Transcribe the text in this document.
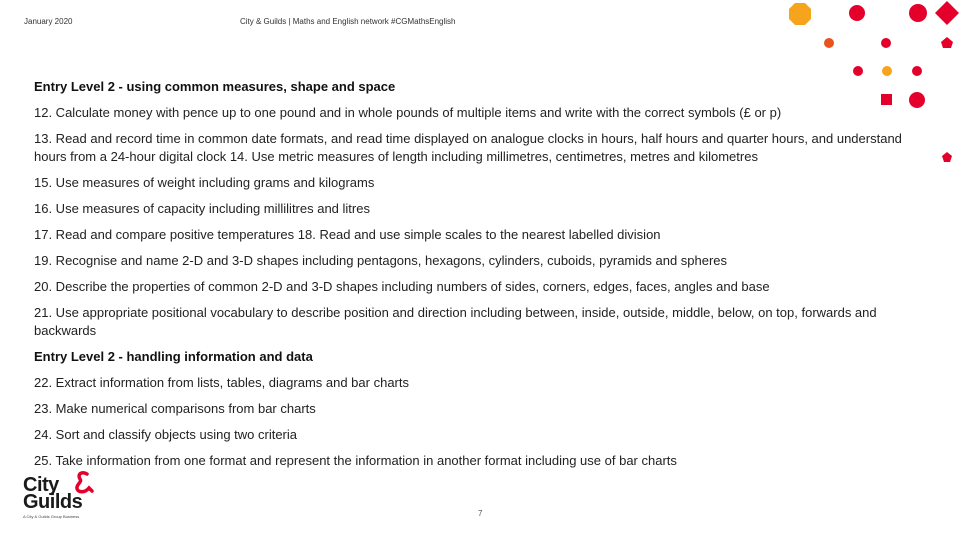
January 2020	City & Guilds | Maths and English network #CGMathsEnglish

Entry Level 2 - using common measures, shape and space

12. Calculate money with pence up to one pound and in whole pounds of multiple items and write with the correct symbols (£ or p)

13. Read and record time in common date formats, and read time displayed on analogue clocks in hours, half hours and quarter hours, and understand hours from a 24-hour digital clock 14. Use metric measures of length including millimetres, centimetres, metres and kilometres

15. Use measures of weight including grams and kilograms

16. Use measures of capacity including millilitres and litres

17. Read and compare positive temperatures 18. Read and use simple scales to the nearest labelled division

19. Recognise and name 2-D and 3-D shapes including pentagons, hexagons, cylinders, cuboids, pyramids and spheres

20. Describe the properties of common 2-D and 3-D shapes including numbers of sides, corners, edges, faces, angles and base

21. Use appropriate positional vocabulary to describe position and direction including between, inside, outside, middle, below, on top, forwards and backwards

Entry Level 2 - handling information and data

22. Extract information from lists, tables, diagrams and bar charts

23. Make numerical comparisons from bar charts

24. Sort and classify objects using two criteria

25. Take information from one format and represent the information in another format including use of bar charts

City
Guilds
A City & Guilds Group Business	7
